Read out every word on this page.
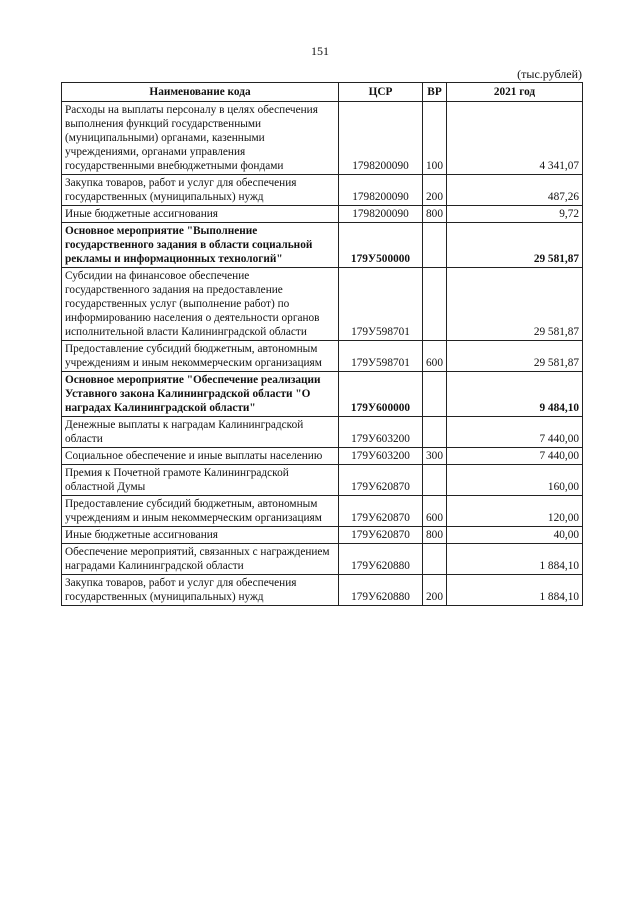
151
(тыс.рублей)
Наименование кода	ЦСР	ВР	2021 год
Расходы на выплаты персоналу в целях обеспечения выполнения функций государственными (муниципальными) органами, казенными учреждениями, органами управления государственными внебюджетными фондами	1798200090	100	4 341,07
Закупка товаров, работ и услуг для обеспечения государственных (муниципальных) нужд	1798200090	200	487,26
Иные бюджетные ассигнования	1798200090	800	9,72
Основное мероприятие "Выполнение государственного задания в области социальной рекламы и информационных технологий"	179У500000		29 581,87
Субсидии на финансовое обеспечение государственного задания на предоставление государственных услуг (выполнение работ) по информированию населения о деятельности органов исполнительной власти Калининградской области	179У598701		29 581,87
Предоставление субсидий бюджетным, автономным учреждениям и иным некоммерческим организациям	179У598701	600	29 581,87
Основное мероприятие "Обеспечение реализации Уставного закона Калининградской области "О наградах Калининградской области"	179У600000		9 484,10
Денежные выплаты к наградам Калининградской области	179У603200		7 440,00
Социальное обеспечение и иные выплаты населению	179У603200	300	7 440,00
Премия к Почетной грамоте Калининградской областной Думы	179У620870		160,00
Предоставление субсидий бюджетным, автономным учреждениям и иным некоммерческим организациям	179У620870	600	120,00
Иные бюджетные ассигнования	179У620870	800	40,00
Обеспечение мероприятий, связанных с награждением наградами Калининградской области	179У620880		1 884,10
Закупка товаров, работ и услуг для обеспечения государственных (муниципальных) нужд	179У620880	200	1 884,10
